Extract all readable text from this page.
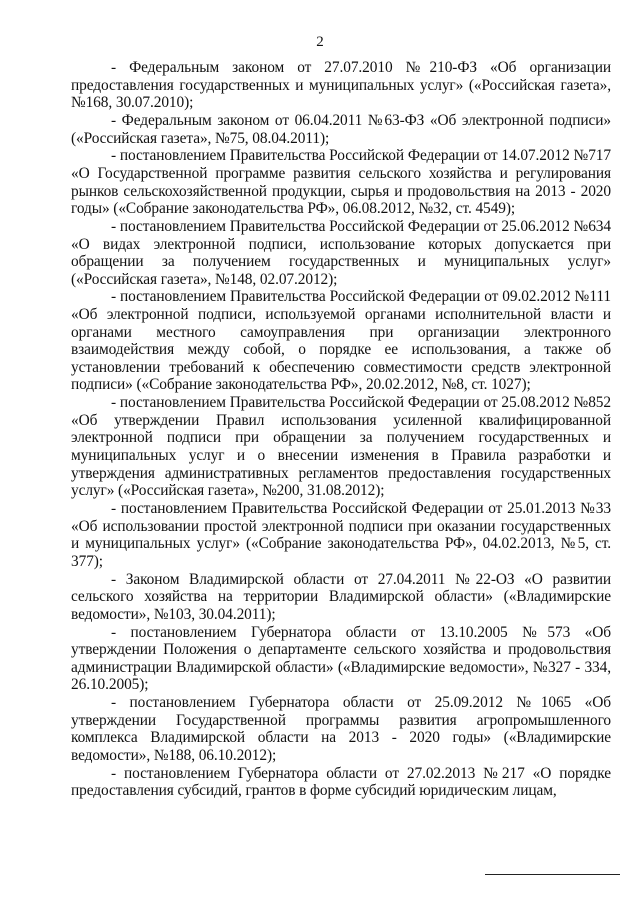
2

- Федеральным законом от 27.07.2010 №210-ФЗ «Об организации предоставления государственных и муниципальных услуг» («Российская газета», №168, 30.07.2010);

- Федеральным законом от 06.04.2011 №63-ФЗ «Об электронной подписи» («Российская газета», №75, 08.04.2011);

- постановлением Правительства Российской Федерации от 14.07.2012 №717 «О Государственной программе развития сельского хозяйства и регулирования рынков сельскохозяйственной продукции, сырья и продовольствия на 2013 - 2020 годы» («Собрание законодательства РФ», 06.08.2012, №32, ст. 4549);

- постановлением Правительства Российской Федерации от 25.06.2012 №634 «О видах электронной подписи, использование которых допускается при обращении за получением государственных и муниципальных услуг» («Российская газета», №148, 02.07.2012);

- постановлением Правительства Российской Федерации от 09.02.2012 №111 «Об электронной подписи, используемой органами исполнительной власти и органами местного самоуправления при организации электронного взаимодействия между собой, о порядке ее использования, а также об установлении требований к обеспечению совместимости средств электронной подписи» («Собрание законодательства РФ», 20.02.2012, №8, ст. 1027);

- постановлением Правительства Российской Федерации от 25.08.2012 №852 «Об утверждении Правил использования усиленной квалифицированной электронной подписи при обращении за получением государственных и муниципальных услуг и о внесении изменения в Правила разработки и утверждения административных регламентов предоставления государственных услуг» («Российская газета», №200, 31.08.2012);

- постановлением Правительства Российской Федерации от 25.01.2013 №33 «Об использовании простой электронной подписи при оказании государственных и муниципальных услуг» («Собрание законодательства РФ», 04.02.2013, №5, ст. 377);

- Законом Владимирской области от 27.04.2011 №22-ОЗ «О развитии сельского хозяйства на территории Владимирской области» («Владимирские ведомости», №103, 30.04.2011);

- постановлением Губернатора области от 13.10.2005 №573 «Об утверждении Положения о департаменте сельского хозяйства и продовольствия администрации Владимирской области» («Владимирские ведомости», №327 - 334, 26.10.2005);

- постановлением Губернатора области от 25.09.2012 №1065 «Об утверждении Государственной программы развития агропромышленного комплекса Владимирской области на 2013 - 2020 годы» («Владимирские ведомости», №188, 06.10.2012);

- постановлением Губернатора области от 27.02.2013 №217 «О порядке предоставления субсидий, грантов в форме субсидий юридическим лицам,
